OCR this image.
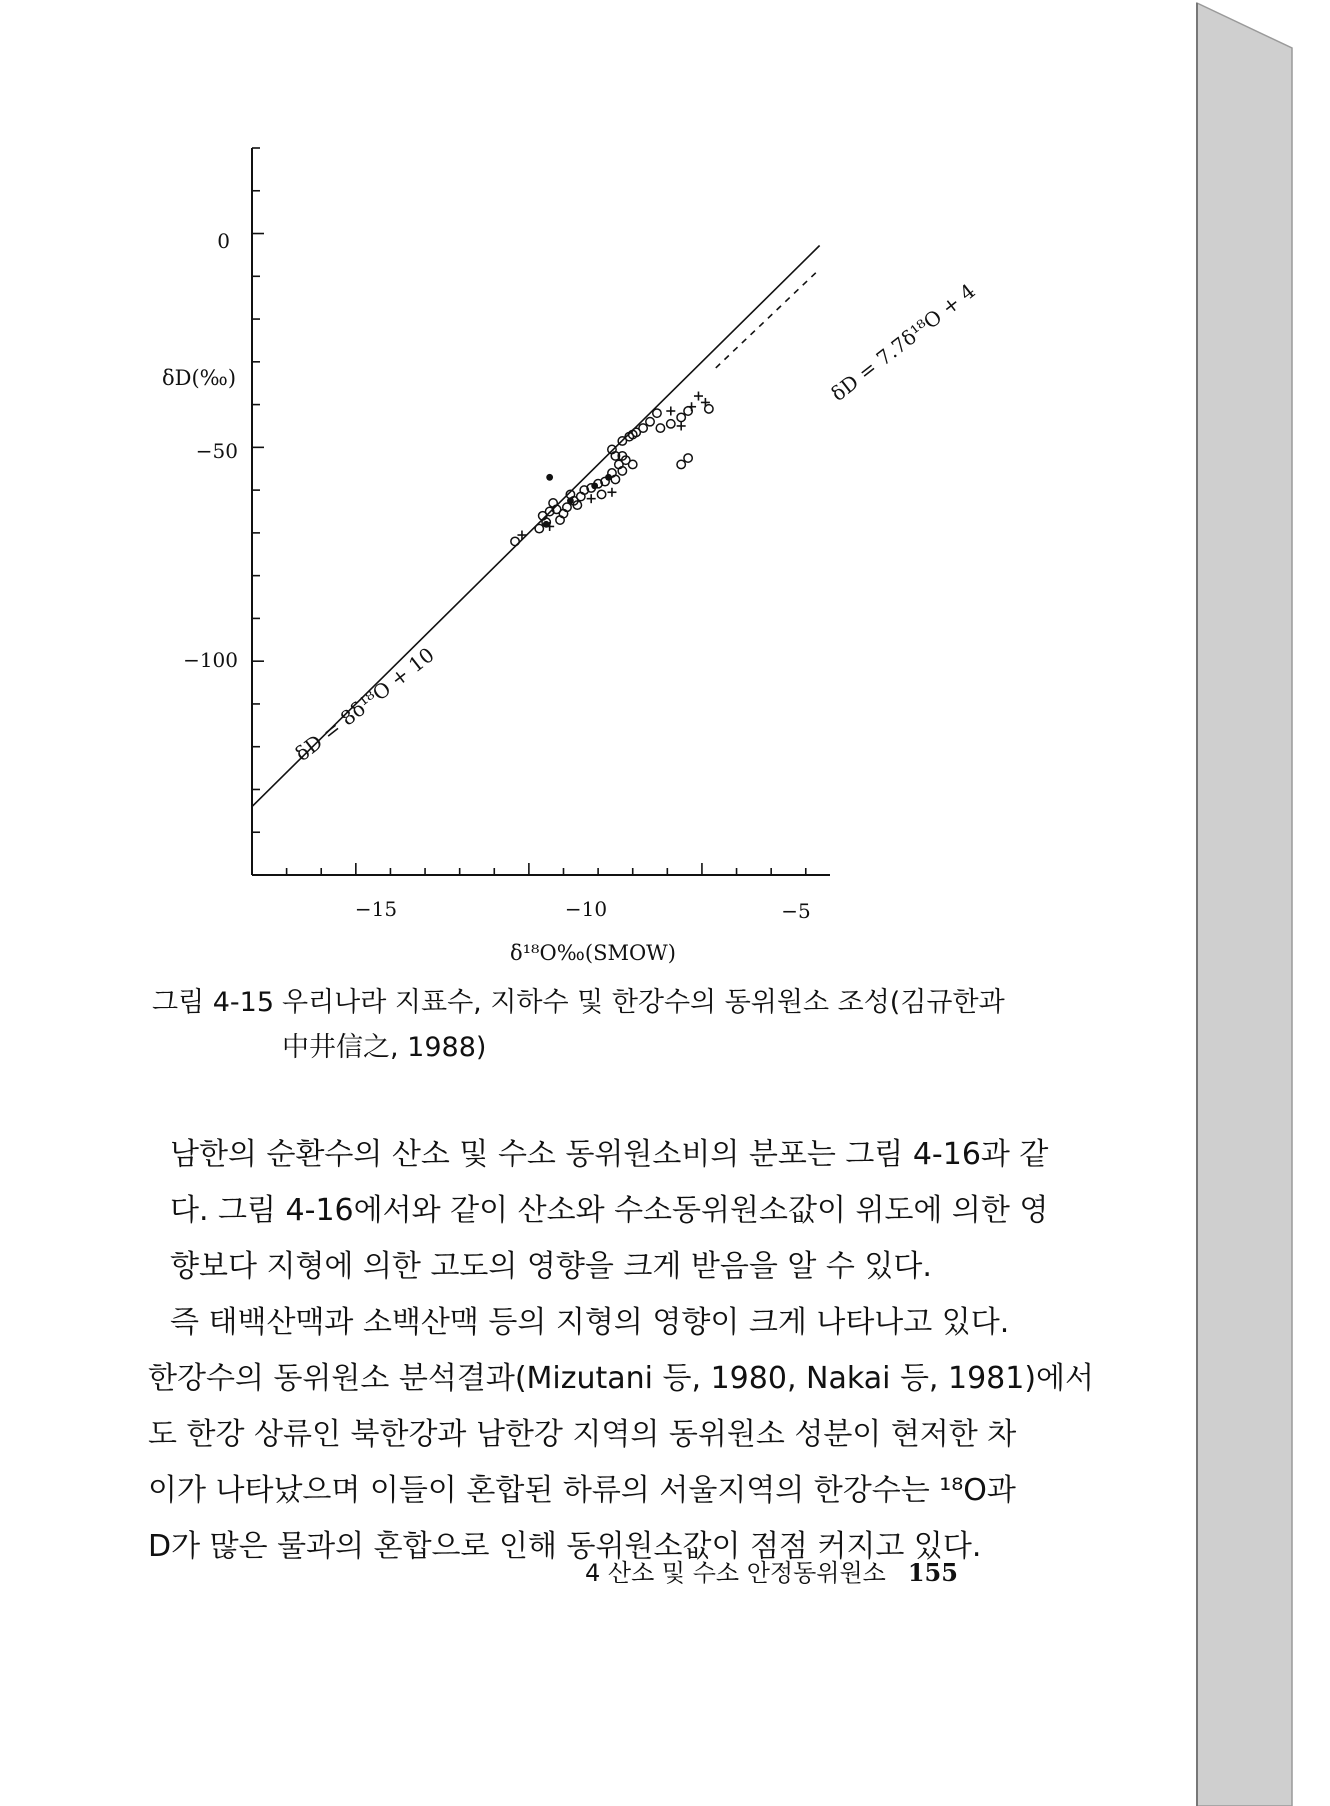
δD(‰)
δ¹⁸O‰(SMOW)
0
−50
−100
−15	−10	−5
δD = 8δ¹⁸O + 10
δD = 7.7δ¹⁸O + 4
그림 4-15 우리나라 지표수, 지하수 및 한강수의 동위원소 조성(김규한과
中井信之, 1988)
남한의 순환수의 산소 및 수소 동위원소비의 분포는 그림 4-16과 같
다. 그림 4-16에서와 같이 산소와 수소동위원소값이 위도에 의한 영
향보다 지형에 의한 고도의 영향을 크게 받음을 알 수 있다.
즉 태백산맥과 소백산맥 등의 지형의 영향이 크게 나타나고 있다.
한강수의 동위원소 분석결과(Mizutani 등, 1980, Nakai 등, 1981)에서
도 한강 상류인 북한강과 남한강 지역의 동위원소 성분이 현저한 차
이가 나타났으며 이들이 혼합된 하류의 서울지역의 한강수는 ¹⁸O과
D가 많은 물과의 혼합으로 인해 동위원소값이 점점 커지고 있다.
4 산소 및 수소 안정동위원소 155
